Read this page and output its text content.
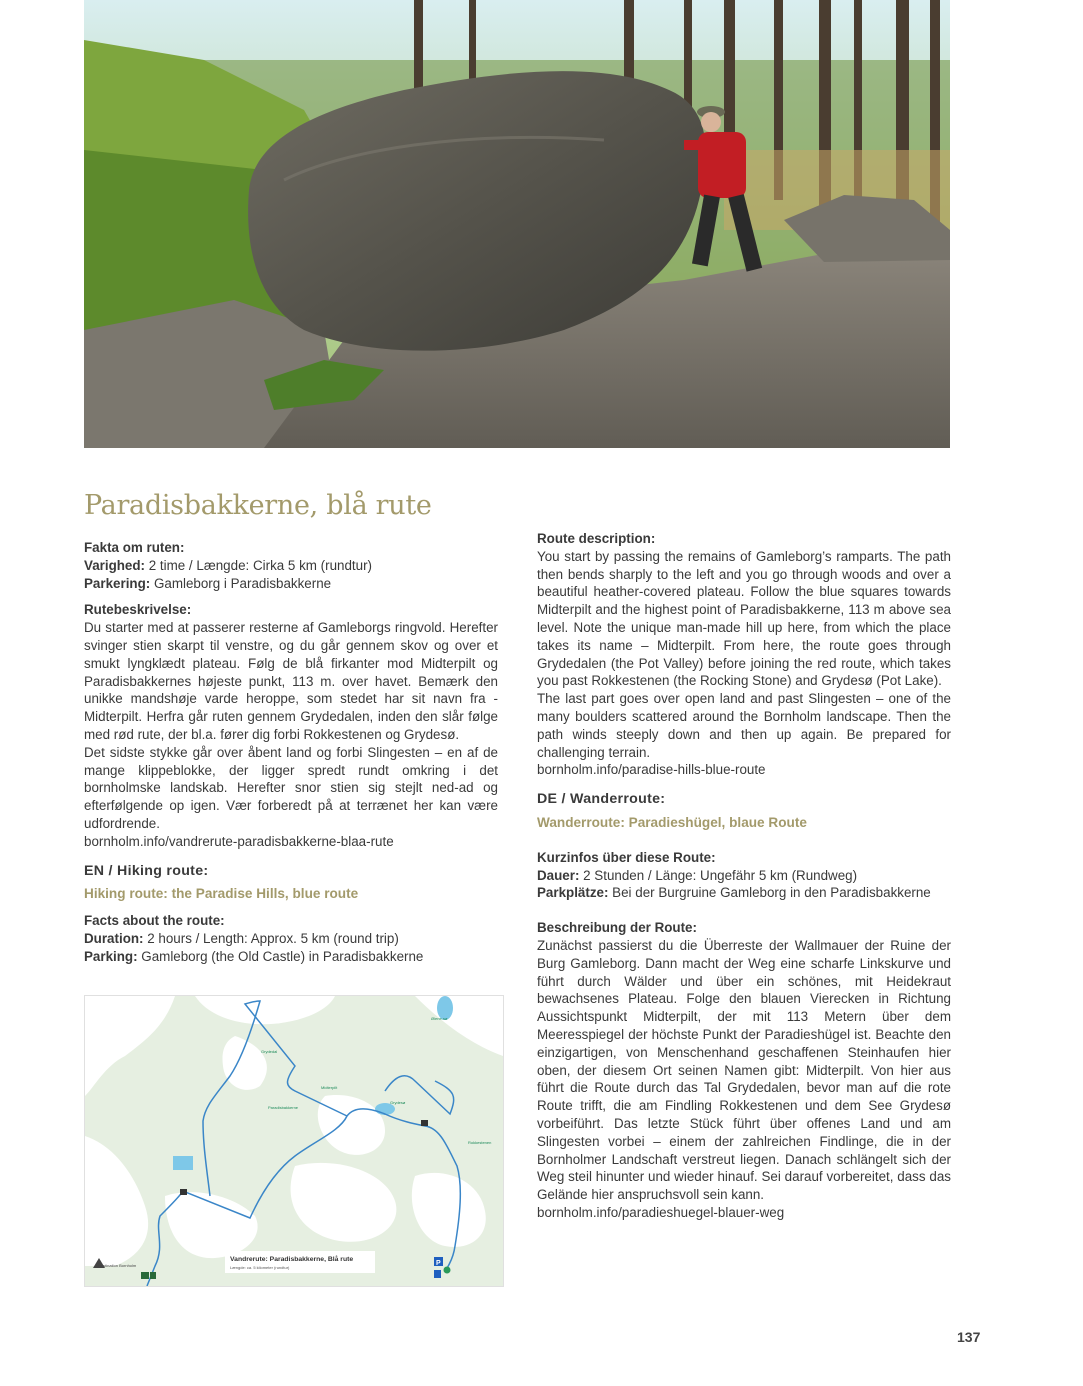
Paradisbakkerne, blå rute

Fakta om ruten:

Varighed: 2 time / Længde: Cirka 5 km (rundtur)

Parkering: Gamleborg i Paradisbakkerne

Rutebeskrivelse:

Du starter med at passerer resterne af Gamleborgs ringvold. Herefter svinger stien skarpt til venstre, og du går gennem skov og over et smukt lyngklædt plateau. Følg de blå firkanter mod Midterpilt og Paradisbakkernes højeste punkt, 113 m. over havet. Bemærk den unikke mandshøje varde heroppe, som stedet har sit navn fra - Midterpilt. Herfra går ruten gennem Grydedalen, inden den slår følge med rød rute, der bl.a. fører dig forbi Rokkestenen og Grydesø.

Det sidste stykke går over åbent land og forbi Slingesten – en af de mange klippeblokke, der ligger spredt rundt omkring i det bornholmske landskab. Herefter snor stien sig stejlt ned-ad og efterfølgende op igen. Vær forberedt på at terrænet her kan være udfordrende.

bornholm.info/vandrerute-paradisbakkerne-blaa-rute

EN / Hiking route:

Hiking route: the Paradise Hills, blue route

Facts about the route:

Duration: 2 hours / Length: Approx. 5 km (round trip)

Parking: Gamleborg (the Old Castle) in Paradisbakkerne

Paradisbakkerne
Grydedal
Midterpilt
Grydesø
Rokkestenen
Ølene-sø
P
Vandrerute: Paradisbakkerne, Blå rute
Længde: ca. 5 kilometer (rundtur)
Destination Bornholm

Route description:

You start by passing the remains of Gamleborg’s ramparts. The path then bends sharply to the left and you go through woods and over a beautiful heather-covered plateau. Follow the blue squares towards Midterpilt and the highest point of Paradisbakkerne, 113 m above sea level. Note the unique man-made hill up here, from which the place takes its name – Midterpilt. From here, the route goes through Grydedalen (the Pot Valley) before joining the red route, which takes you past Rokkestenen (the Rocking Stone) and Grydesø (Pot Lake).

The last part goes over open land and past Slingesten – one of the many boulders scattered around the Bornholm landscape. Then the path winds steeply down and then up again. Be prepared for challenging terrain.

bornholm.info/paradise-hills-blue-route

DE / Wanderroute:

Wanderroute: Paradieshügel, blaue Route

Kurzinfos über diese Route:

Dauer: 2 Stunden / Länge: Ungefähr 5 km (Rundweg)

Parkplätze: Bei der Burgruine Gamleborg in den Paradisbakkerne

Beschreibung der Route:

Zunächst passierst du die Überreste der Wallmauer der Ruine der Burg Gamleborg. Dann macht der Weg eine scharfe Linkskurve und führt durch Wälder und über ein schönes, mit Heidekraut bewachsenes Plateau. Folge den blauen Vierecken in Richtung Aussichtspunkt Midterpilt, der mit 113 Metern über dem Meeresspiegel der höchste Punkt der Paradieshügel ist. Beachte den einzigartigen, von Menschenhand geschaffenen Steinhaufen hier oben, der diesem Ort seinen Namen gibt: Midterpilt. Von hier aus führt die Route durch das Tal Grydedalen, bevor man auf die rote Route trifft, die am Findling Rokkestenen und dem See Grydesø vorbeiführt. Das letzte Stück führt über offenes Land und am Slingesten vorbei – einem der zahlreichen Findlinge, die in der Bornholmer Landschaft verstreut liegen. Danach schlängelt sich der Weg steil hinunter und wieder hinauf. Sei darauf vorbereitet, dass das Gelände hier anspruchsvoll sein kann.

bornholm.info/paradieshuegel-blauer-weg

137
